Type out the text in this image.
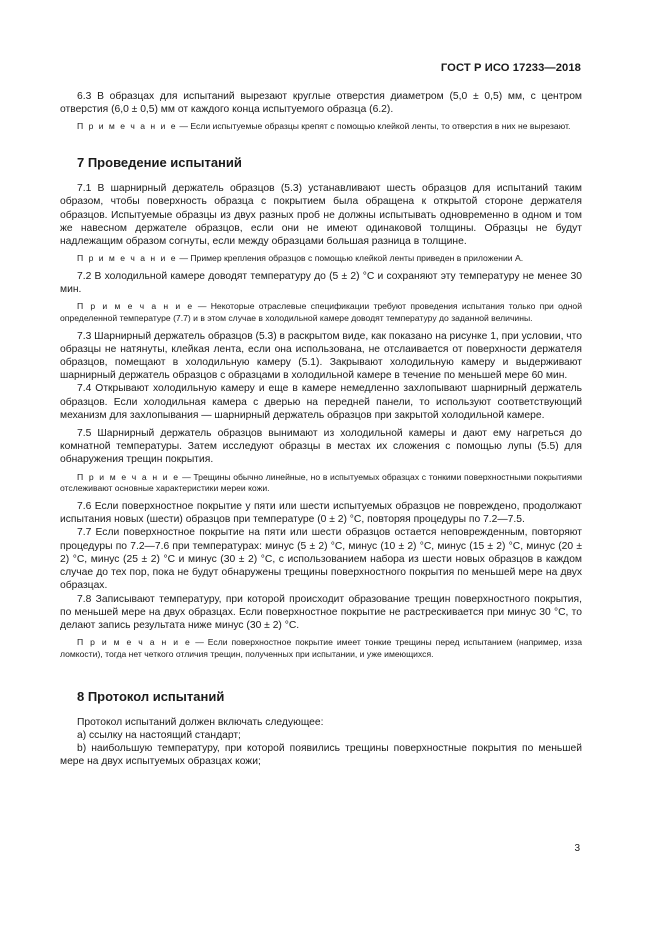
ГОСТ Р ИСО 17233—2018

6.3 В образцах для испытаний вырезают круглые отверстия диаметром (5,0 ± 0,5) мм, с центром отверстия (6,0 ± 0,5) мм от каждого конца испытуемого образца (6.2).

П р и м е ч а н и е — Если испытуемые образцы крепят с помощью клейкой ленты, то отверстия в них не вырезают.

7 Проведение испытаний

7.1 В шарнирный держатель образцов (5.3) устанавливают шесть образцов для испытаний таким образом, чтобы поверхность образца с покрытием была обращена к открытой стороне держателя образцов. Испытуемые образцы из двух разных проб не должны испытывать одновременно в одном и том же навесном держателе образцов, если они не имеют одинаковой толщины. Образцы не будут надлежащим образом согнуты, если между образцами большая разница в толщине.

П р и м е ч а н и е — Пример крепления образцов с помощью клейкой ленты приведен в приложении А.

7.2 В холодильной камере доводят температуру до (5 ± 2) °С и сохраняют эту температуру не менее 30 мин.

П р и м е ч а н и е — Некоторые отраслевые спецификации требуют проведения испытания только при одной определенной температуре (7.7) и в этом случае в холодильной камере доводят температуру до заданной величины.

7.3 Шарнирный держатель образцов (5.3) в раскрытом виде, как показано на рисунке 1, при условии, что образцы не натянуты, клейкая лента, если она использована, не отслаивается от поверхности держателя образцов, помещают в холодильную камеру (5.1). Закрывают холодильную камеру и выдерживают шарнирный держатель образцов с образцами в холодильной камере в течение по меньшей мере 60 мин.

7.4 Открывают холодильную камеру и еще в камере немедленно захлопывают шарнирный держатель образцов. Если холодильная камера с дверью на передней панели, то используют соответствующий механизм для захлопывания — шарнирный держатель образцов при закрытой холодильной камере.

7.5 Шарнирный держатель образцов вынимают из холодильной камеры и дают ему нагреться до комнатной температуры. Затем исследуют образцы в местах их сложения с помощью лупы (5.5) для обнаружения трещин покрытия.

П р и м е ч а н и е — Трещины обычно линейные, но в испытуемых образцах с тонкими поверхностными покрытиями отслеживают основные характеристики мереи кожи.

7.6 Если поверхностное покрытие у пяти или шести испытуемых образцов не повреждено, продолжают испытания новых (шести) образцов при температуре (0 ± 2) °С, повторяя процедуры по 7.2—7.5.

7.7 Если поверхностное покрытие на пяти или шести образцов остается неповрежденным, повторяют процедуры по 7.2—7.6 при температурах: минус (5 ± 2) °С, минус (10 ± 2) °С, минус (15 ± 2) °С, минус (20 ± 2) °С, минус (25 ± 2) °С и минус (30 ± 2) °С, с использованием набора из шести новых образцов в каждом случае до тех пор, пока не будут обнаружены трещины поверхностного покрытия по меньшей мере на двух образцах.

7.8 Записывают температуру, при которой происходит образование трещин поверхностного покрытия, по меньшей мере на двух образцах. Если поверхностное покрытие не растрескивается при минус 30 °С, то делают запись результата ниже минус (30 ± 2) °С.

П р и м е ч а н и е — Если поверхностное покрытие имеет тонкие трещины перед испытанием (например, изза ломкости), тогда нет четкого отличия трещин, полученных при испытании, и уже имеющихся.

8 Протокол испытаний

Протокол испытаний должен включать следующее:

a) ссылку на настоящий стандарт;

b) наибольшую температуру, при которой появились трещины поверхностные покрытия по меньшей мере на двух испытуемых образцах кожи;

3
